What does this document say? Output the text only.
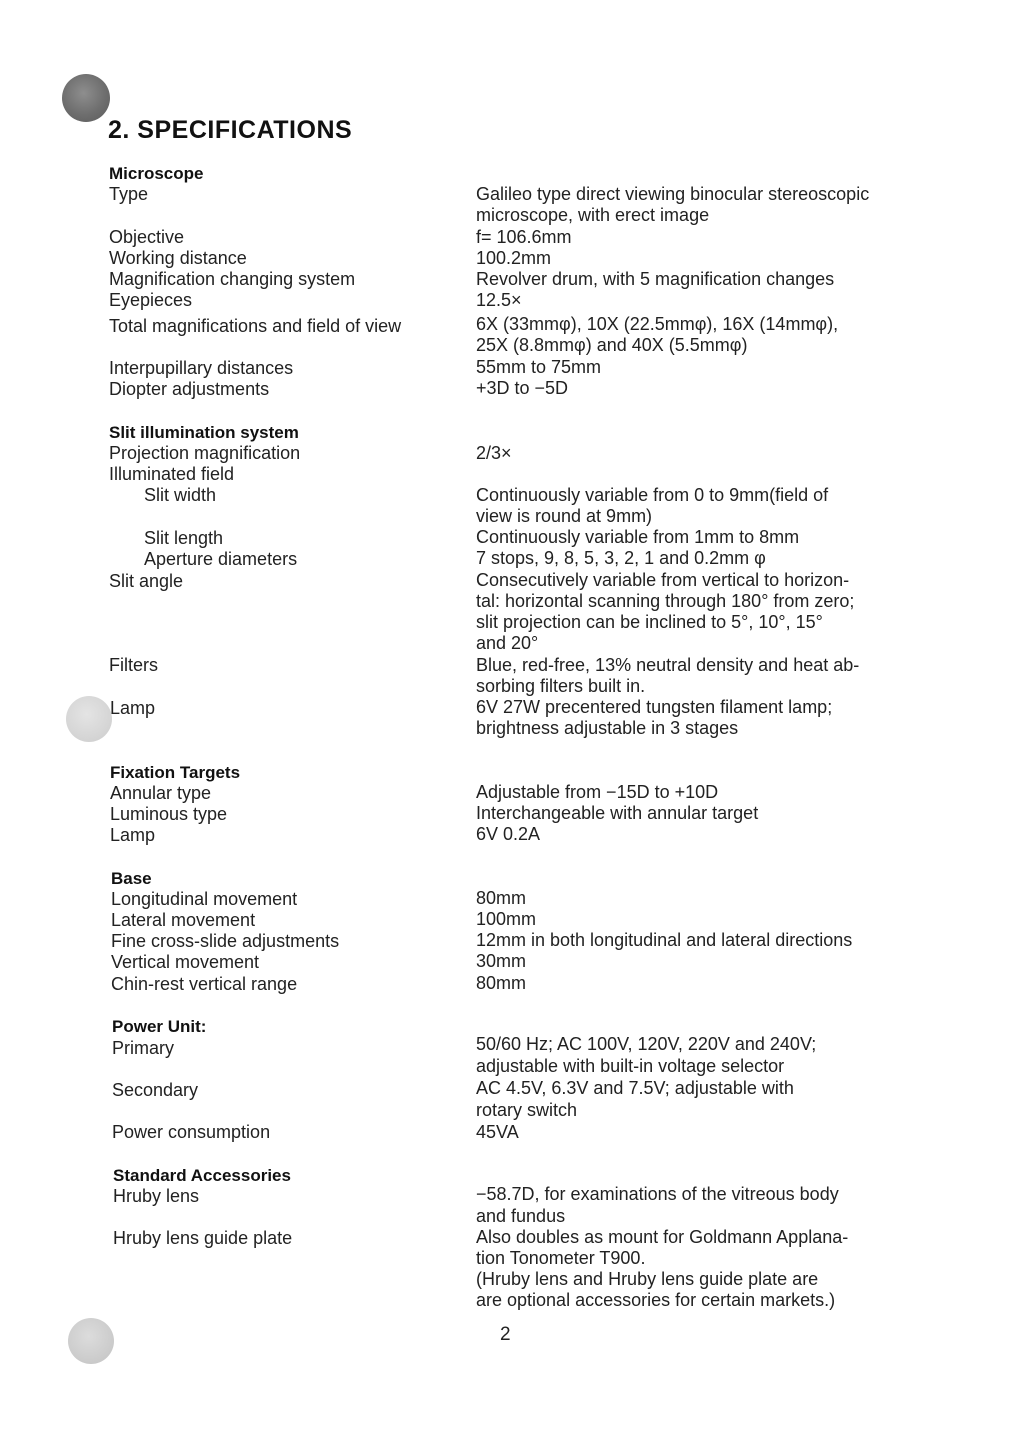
2. SPECIFICATIONS
Microscope
Type	Galileo type direct viewing binocular stereoscopic
microscope, with erect image
Objective	f= 106.6mm
Working distance	100.2mm
Magnification changing system	Revolver drum, with 5 magnification changes
Eyepieces	12.5×
Total magnifications and field of view	6X (33mmφ), 10X (22.5mmφ), 16X (14mmφ),
25X (8.8mmφ) and 40X (5.5mmφ)
Interpupillary distances	55mm to 75mm
Diopter adjustments	+3D to −5D
Slit illumination system
Projection magnification	2/3×
Illuminated field
Slit width	Continuously variable from 0 to 9mm(field of
view is round at 9mm)
Slit length	Continuously variable from 1mm to 8mm
Aperture diameters	7 stops, 9, 8, 5, 3, 2, 1 and 0.2mm φ
Slit angle	Consecutively variable from vertical to horizon-
tal: horizontal scanning through 180° from zero;
slit projection can be inclined to 5°, 10°, 15°
and 20°
Filters	Blue, red-free, 13% neutral density and heat ab-
sorbing filters built in.
Lamp	6V 27W precentered tungsten filament lamp;
brightness adjustable in 3 stages
Fixation Targets
Annular type	Adjustable from −15D to +10D
Luminous type	Interchangeable with annular target
Lamp	6V 0.2A
Base
Longitudinal movement	80mm
Lateral movement	100mm
Fine cross-slide adjustments	12mm in both longitudinal and lateral directions
Vertical movement	30mm
Chin-rest vertical range	80mm
Power Unit:
Primary	50/60 Hz; AC 100V, 120V, 220V and 240V;
adjustable with built-in voltage selector
Secondary	AC 4.5V, 6.3V and 7.5V; adjustable with
rotary switch
Power consumption	45VA
Standard Accessories
Hruby lens	−58.7D, for examinations of the vitreous body
and fundus
Hruby lens guide plate	Also doubles as mount for Goldmann Applana-
tion Tonometer T900.
(Hruby lens and Hruby lens guide plate are
are optional accessories for certain markets.)
2
